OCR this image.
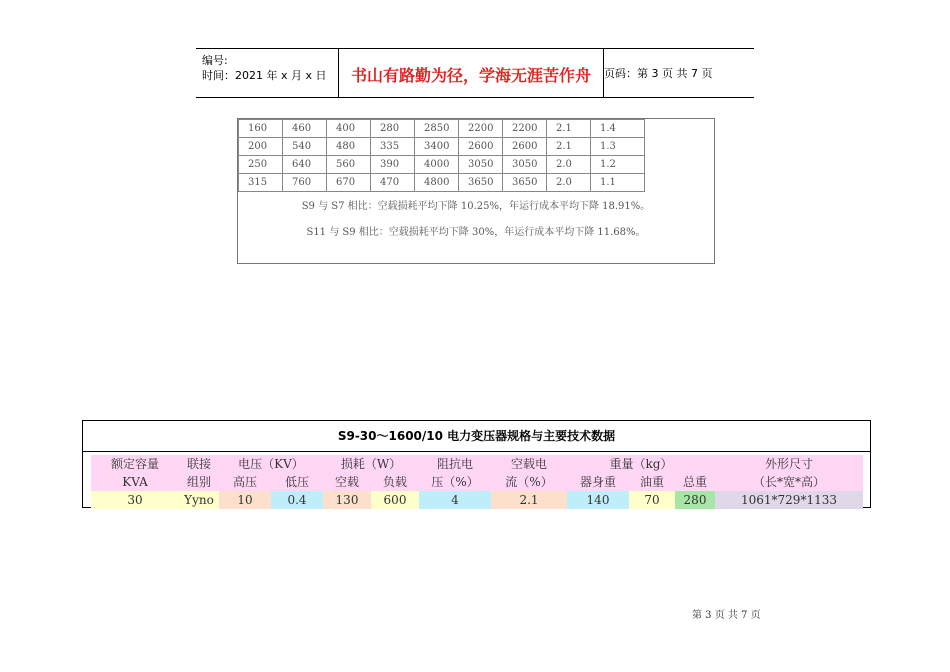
编号:
时间：2021 年 x 月 x 日	书山有路勤为径，学海无涯苦作舟	页码：第 3 页 共 7 页
160	460	400	280	2850	2200	2200	2.1	1.4
200	540	480	335	3400	2600	2600	2.1	1.3
250	640	560	390	4000	3050	3050	2.0	1.2
315	760	670	470	4800	3650	3650	2.0	1.1
S9 与 S7 相比：空载损耗平均下降 10.25%，年运行成本平均下降 18.91%。
S11 与 S9 相比：空载损耗平均下降 30%，年运行成本平均下降 11.68%。
S9-30～1600/10 电力变压器规格与主要技术数据
额定容量	联接	电压（KV）	损耗（W）	阻抗电	空载电	重量（kg）	外形尺寸
KVA	组别	高压	低压	空载	负载	压（%）	流（%）	器身重	油重	总重	（长*宽*高）
30	Yyno	10	0.4	130	600	4	2.1	140	70	280	1061*729*1133
第 3 页 共 7 页
